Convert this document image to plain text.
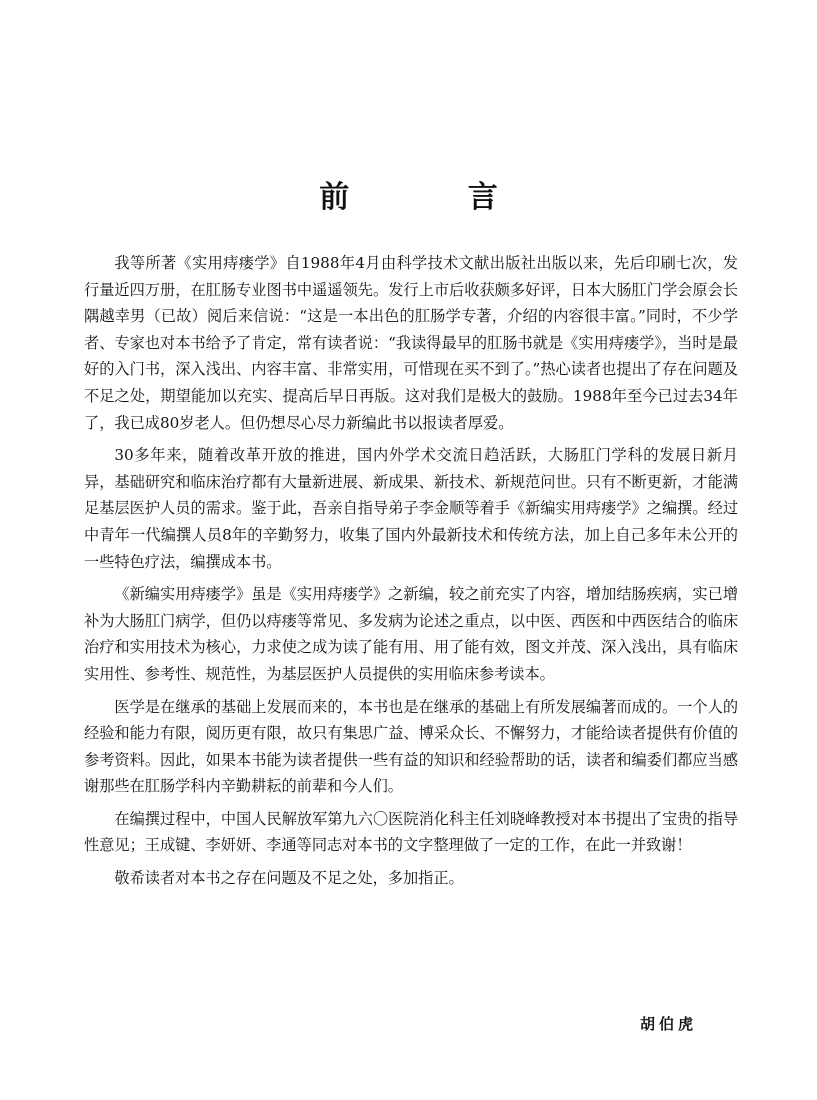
前 言

我等所著《实用痔瘘学》自1988年4月由科学技术文献出版社出版以来，先后印刷七次，发行量近四万册，在肛肠专业图书中遥遥领先。发行上市后收获颇多好评，日本大肠肛门学会原会长隅越幸男（已故）阅后来信说：“这是一本出色的肛肠学专著，介绍的内容很丰富。”同时，不少学者、专家也对本书给予了肯定，常有读者说：“我读得最早的肛肠书就是《实用痔瘘学》，当时是最好的入门书，深入浅出、内容丰富、非常实用，可惜现在买不到了。”热心读者也提出了存在问题及不足之处，期望能加以充实、提高后早日再版。这对我们是极大的鼓励。1988年至今已过去34年了，我已成80岁老人。但仍想尽心尽力新编此书以报读者厚爱。

30多年来，随着改革开放的推进，国内外学术交流日趋活跃，大肠肛门学科的发展日新月异，基础研究和临床治疗都有大量新进展、新成果、新技术、新规范问世。只有不断更新，才能满足基层医护人员的需求。鉴于此，吾亲自指导弟子李金顺等着手《新编实用痔瘘学》之编撰。经过中青年一代编撰人员8年的辛勤努力，收集了国内外最新技术和传统方法，加上自己多年未公开的一些特色疗法，编撰成本书。

《新编实用痔瘘学》虽是《实用痔瘘学》之新编，较之前充实了内容，增加结肠疾病，实已增补为大肠肛门病学，但仍以痔瘘等常见、多发病为论述之重点，以中医、西医和中西医结合的临床治疗和实用技术为核心，力求使之成为读了能有用、用了能有效，图文并茂、深入浅出，具有临床实用性、参考性、规范性，为基层医护人员提供的实用临床参考读本。

医学是在继承的基础上发展而来的，本书也是在继承的基础上有所发展编著而成的。一个人的经验和能力有限，阅历更有限，故只有集思广益、博采众长、不懈努力，才能给读者提供有价值的参考资料。因此，如果本书能为读者提供一些有益的知识和经验帮助的话，读者和编委们都应当感谢那些在肛肠学科内辛勤耕耘的前辈和今人们。

在编撰过程中，中国人民解放军第九六〇医院消化科主任刘晓峰教授对本书提出了宝贵的指导性意见；王成键、李妍妍、李通等同志对本书的文字整理做了一定的工作，在此一并致谢！

敬希读者对本书之存在问题及不足之处，多加指正。

胡伯虎
